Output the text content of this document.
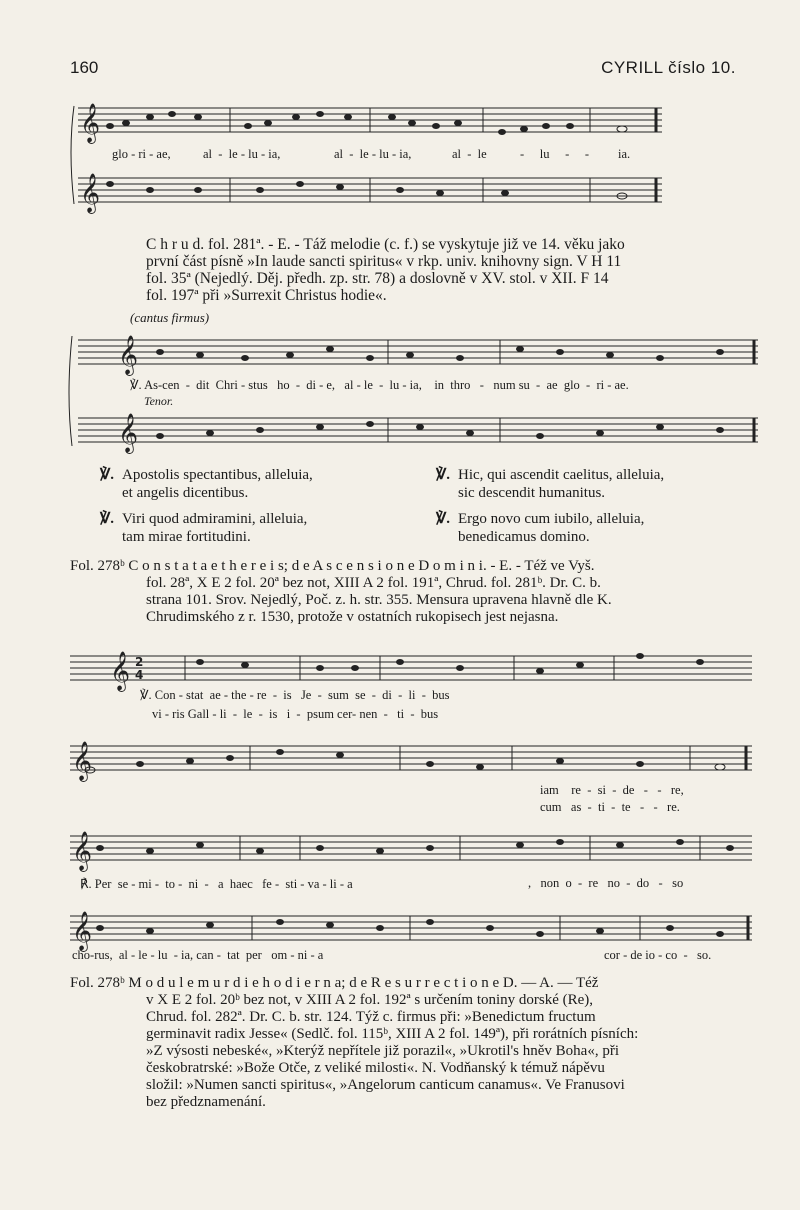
160	CYRILL číslo 10.
𝄞
𝄞
𝄞
𝄞
𝄞
𝄞
𝄞
𝄞
2
4
glo - ri - ae,	al  -  le - lu - ia,	al  -  le - lu - ia,	al  -  le	-     lu     -     - ia.

C h r u d. fol. 281ª. - E. - Táž melodie (c. f.) se vyskytuje již ve 14. věku jako

první část písně »In laude sancti spiritus« v rkp. univ. knihovny sign. V H 11

fol. 35ª (Nejedlý. Děj. předh. zp. str. 78) a doslovně v XV. stol. v XII. F 14

fol. 197ª při »Surrexit Christus hodie«.

(cantus firmus)
℣. As-cen  -  dit  Chri - stus   ho  -  di - e,   al - le  -  lu - ia,    in  thro   -   num su  -  ae  glo  -  ri - ae.
Tenor.
℣. Apostolis spectantibus, alleluia,
et angelis dicentibus.
℣. Hic, qui ascendit caelitus, alleluia,
sic descendit humanitus.
℣. Viri quod admiramini, alleluia,
tam mirae fortitudini.
℣. Ergo novo cum iubilo, alleluia,
benedicamus domino.

Fol. 278ᵇ C o n s t a t a e t h e r e i s; d e A s c e n s i o n e D o m i n i. - E. - Též ve Vyš.

fol. 28ª, X E 2 fol. 20ª bez not, XIII A 2 fol. 191ª, Chrud. fol. 281ᵇ. Dr. C. b.

strana 101. Srov. Nejedlý, Poč. z. h. str. 355. Mensura upravena hlavně dle K.

Chrudimského z r. 1530, protože v ostatních rukopisech jest nejasna.

℣. Con - stat  ae - the - re  -  is   Je  -  sum  se  -  di  -  li  -  bus
vi - ris Gall - li  -  le  -  is   i  -  psum cer- nen  -   ti  -  bus
iam    re  -  si  -  de   -   -   re,
cum   as  -  ti  -  te   -   -   re.
℟. Per  se - mi -  to -  ni  -   a  haec   fe -  sti - va - li - a	,   non  o  -  re   no  -  do   -   so
cho-rus,  al - le - lu  - ia, can -  tat  per   om - ni - a	cor - de io - co  -   so.

Fol. 278ᵇ M o d u l e m u r d i e h o d i e r n a; d e R e s u r r e c t i o n e D. — A. — Též

v X E 2 fol. 20ᵇ bez not, v XIII A 2 fol. 192ª s určením toniny dorské (Re),

Chrud. fol. 282ª. Dr. C. b. str. 124. Týž c. firmus při: »Benedictum fructum

germinavit radix Jesse« (Sedlč. fol. 115ᵇ, XIII A 2 fol. 149ª), při rorátních písních:

»Z výsosti nebeské«, »Kterýž nepřítele již porazil«, »Ukrotil's hněv Boha«, při

českobratrské: »Bože Otče, z veliké milosti«. N. Vodňanský k témuž nápěvu

složil: »Numen sancti spiritus«, »Angelorum canticum canamus«. Ve Franusovi

bez předznamenání.
